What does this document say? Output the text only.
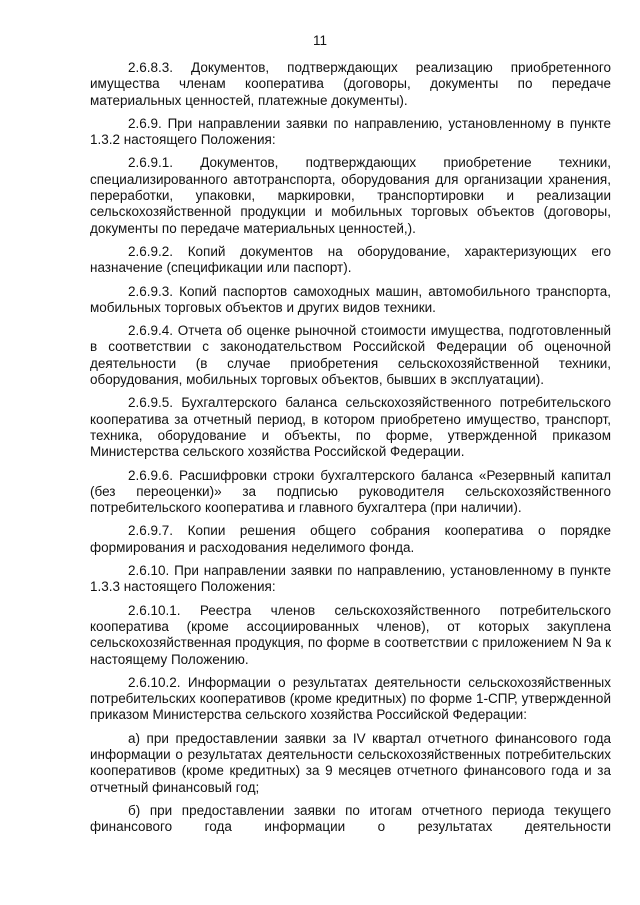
11

2.6.8.3. Документов, подтверждающих реализацию приобретенного имущества членам кооператива (договоры, документы по передаче материальных ценностей, платежные документы).

2.6.9. При направлении заявки по направлению, установленному в пункте 1.3.2 настоящего Положения:

2.6.9.1. Документов, подтверждающих приобретение техники, специализированного автотранспорта, оборудования для организации хранения, переработки, упаковки, маркировки, транспортировки и реализации сельскохозяйственной продукции и мобильных торговых объектов (договоры, документы по передаче материальных ценностей,).

2.6.9.2. Копий документов на оборудование, характеризующих его назначение (спецификации или паспорт).

2.6.9.3. Копий паспортов самоходных машин, автомобильного транспорта, мобильных торговых объектов и других видов техники.

2.6.9.4. Отчета об оценке рыночной стоимости имущества, подготовленный в соответствии с законодательством Российской Федерации об оценочной деятельности (в случае приобретения сельскохозяйственной техники, оборудования, мобильных торговых объектов, бывших в эксплуатации).

2.6.9.5. Бухгалтерского баланса сельскохозяйственного потребительского кооператива за отчетный период, в котором приобретено имущество, транспорт, техника, оборудование и объекты, по форме, утвержденной приказом Министерства сельского хозяйства Российской Федерации.

2.6.9.6. Расшифровки строки бухгалтерского баланса «Резервный капитал (без переоценки)» за подписью руководителя сельскохозяйственного потребительского кооператива и главного бухгалтера (при наличии).

2.6.9.7. Копии решения общего собрания кооператива о порядке формирования и расходования неделимого фонда.

2.6.10. При направлении заявки по направлению, установленному в пункте 1.3.3 настоящего Положения:

2.6.10.1. Реестра членов сельскохозяйственного потребительского кооператива (кроме ассоциированных членов), от которых закуплена сельскохозяйственная продукция, по форме в соответствии с приложением N 9а к настоящему Положению.

2.6.10.2. Информации о результатах деятельности сельскохозяйственных потребительских кооперативов (кроме кредитных) по форме 1-СПР, утвержденной приказом Министерства сельского хозяйства Российской Федерации:

а) при предоставлении заявки за IV квартал отчетного финансового года информации о результатах деятельности сельскохозяйственных потребительских кооперативов (кроме кредитных) за 9 месяцев отчетного финансового года и за отчетный финансовый год;

б) при предоставлении заявки по итогам отчетного периода текущего финансового года информации о результатах деятельности
